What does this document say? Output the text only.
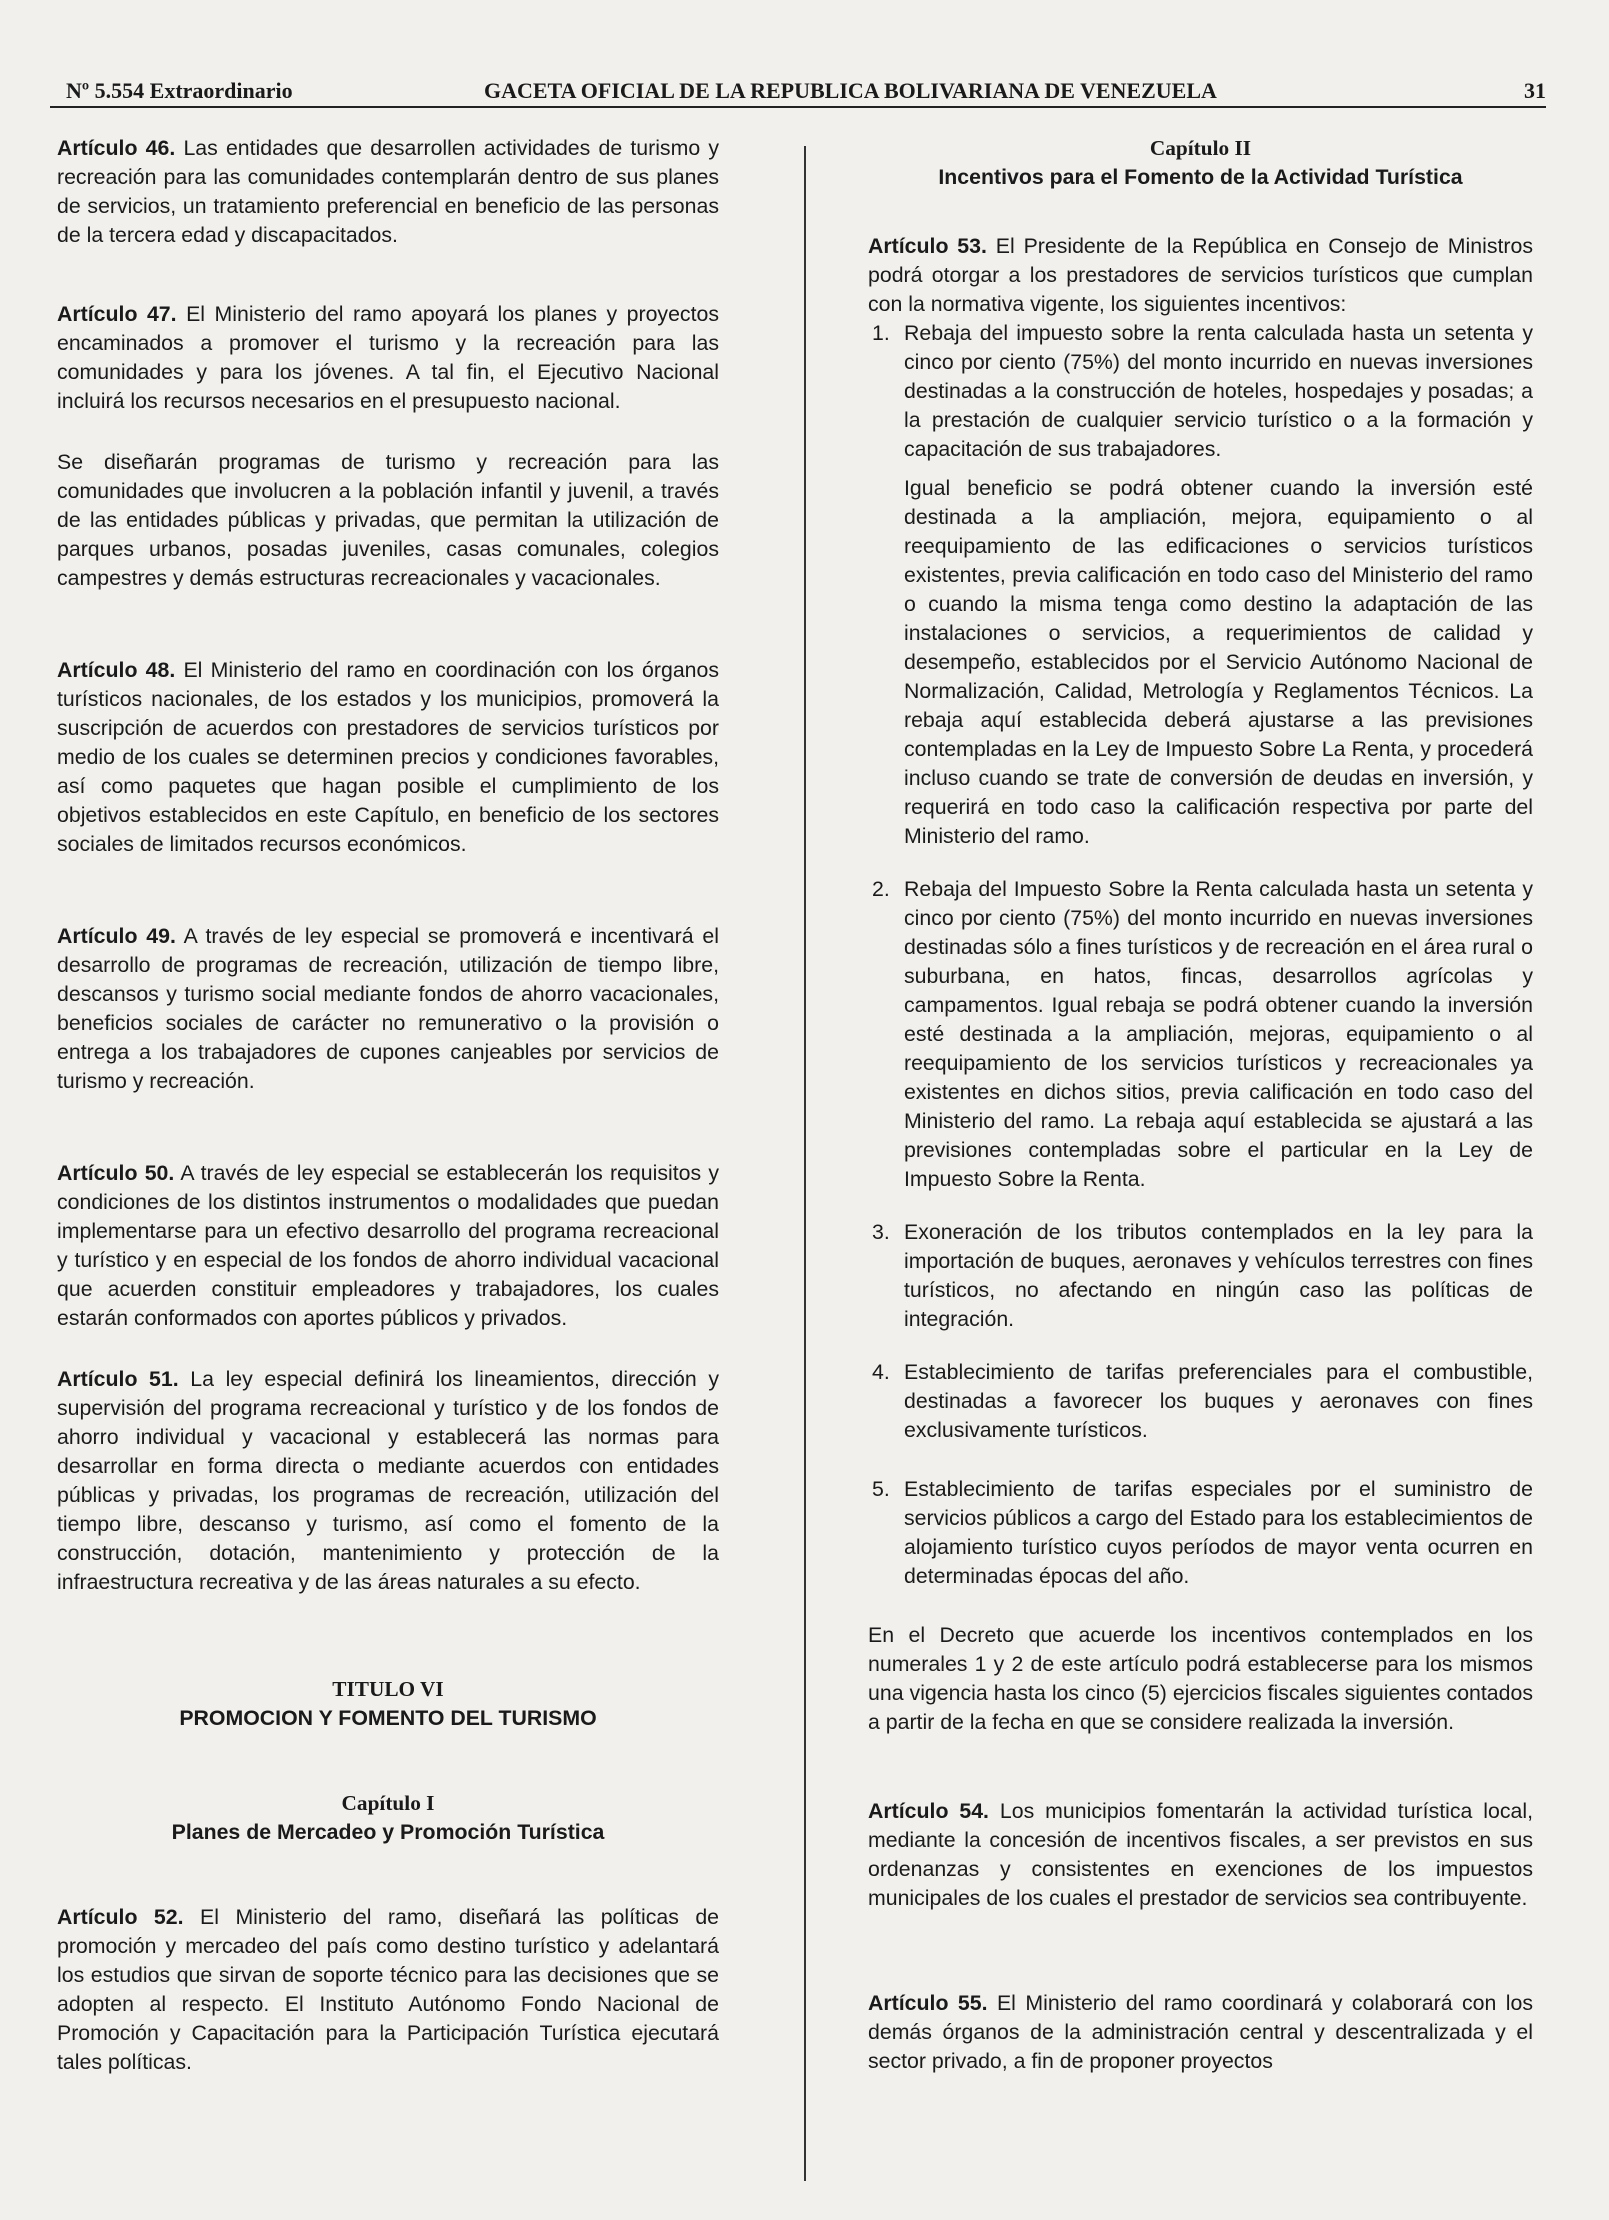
Nº 5.554 Extraordinario	GACETA OFICIAL DE LA REPUBLICA BOLIVARIANA DE VENEZUELA	31

Artículo 46. Las entidades que desarrollen actividades de turismo y recreación para las comunidades contemplarán dentro de sus planes de servicios, un tratamiento preferencial en beneficio de las personas de la tercera edad y discapacitados.

Artículo 47. El Ministerio del ramo apoyará los planes y proyectos encaminados a promover el turismo y la recreación para las comunidades y para los jóvenes. A tal fin, el Ejecutivo Nacional incluirá los recursos necesarios en el presupuesto nacional.

Se diseñarán programas de turismo y recreación para las comunidades que involucren a la población infantil y juvenil, a través de las entidades públicas y privadas, que permitan la utilización de parques urbanos, posadas juveniles, casas comunales, colegios campestres y demás estructuras recreacionales y vacacionales.

Artículo 48. El Ministerio del ramo en coordinación con los órganos turísticos nacionales, de los estados y los municipios, promoverá la suscripción de acuerdos con prestadores de servicios turísticos por medio de los cuales se determinen precios y condiciones favorables, así como paquetes que hagan posible el cumplimiento de los objetivos establecidos en este Capítulo, en beneficio de los sectores sociales de limitados recursos económicos.

Artículo 49. A través de ley especial se promoverá e incentivará el desarrollo de programas de recreación, utilización de tiempo libre, descansos y turismo social mediante fondos de ahorro vacacionales, beneficios sociales de carácter no remunerativo o la provisión o entrega a los trabajadores de cupones canjeables por servicios de turismo y recreación.

Artículo 50. A través de ley especial se establecerán los requisitos y condiciones de los distintos instrumentos o modalidades que puedan implementarse para un efectivo desarrollo del programa recreacional y turístico y en especial de los fondos de ahorro individual vacacional que acuerden constituir empleadores y trabajadores, los cuales estarán conformados con aportes públicos y privados.

Artículo 51. La ley especial definirá los lineamientos, dirección y supervisión del programa recreacional y turístico y de los fondos de ahorro individual y vacacional y establecerá las normas para desarrollar en forma directa o mediante acuerdos con entidades públicas y privadas, los programas de recreación, utilización del tiempo libre, descanso y turismo, así como el fomento de la construcción, dotación, mantenimiento y protección de la infraestructura recreativa y de las áreas naturales a su efecto.

TITULO VI
PROMOCION Y FOMENTO DEL TURISMO
Capítulo I
Planes de Mercadeo y Promoción Turística

Artículo 52. El Ministerio del ramo, diseñará las políticas de promoción y mercadeo del país como destino turístico y adelantará los estudios que sirvan de soporte técnico para las decisiones que se adopten al respecto. El Instituto Autónomo Fondo Nacional de Promoción y Capacitación para la Participación Turística ejecutará tales políticas.

Capítulo II
Incentivos para el Fomento de la Actividad Turística

Artículo 53. El Presidente de la República en Consejo de Ministros podrá otorgar a los prestadores de servicios turísticos que cumplan con la normativa vigente, los siguientes incentivos:

1. Rebaja del impuesto sobre la renta calculada hasta un setenta y cinco por ciento (75%) del monto incurrido en nuevas inversiones destinadas a la construcción de hoteles, hospedajes y posadas; a la prestación de cualquier servicio turístico o a la formación y capacitación de sus trabajadores.

Igual beneficio se podrá obtener cuando la inversión esté destinada a la ampliación, mejora, equipamiento o al reequipamiento de las edificaciones o servicios turísticos existentes, previa calificación en todo caso del Ministerio del ramo o cuando la misma tenga como destino la adaptación de las instalaciones o servicios, a requerimientos de calidad y desempeño, establecidos por el Servicio Autónomo Nacional de Normalización, Calidad, Metrología y Reglamentos Técnicos. La rebaja aquí establecida deberá ajustarse a las previsiones contempladas en la Ley de Impuesto Sobre La Renta, y procederá incluso cuando se trate de conversión de deudas en inversión, y requerirá en todo caso la calificación respectiva por parte del Ministerio del ramo.

2. Rebaja del Impuesto Sobre la Renta calculada hasta un setenta y cinco por ciento (75%) del monto incurrido en nuevas inversiones destinadas sólo a fines turísticos y de recreación en el área rural o suburbana, en hatos, fincas, desarrollos agrícolas y campamentos. Igual rebaja se podrá obtener cuando la inversión esté destinada a la ampliación, mejoras, equipamiento o al reequipamiento de los servicios turísticos y recreacionales ya existentes en dichos sitios, previa calificación en todo caso del Ministerio del ramo. La rebaja aquí establecida se ajustará a las previsiones contempladas sobre el particular en la Ley de Impuesto Sobre la Renta.

3. Exoneración de los tributos contemplados en la ley para la importación de buques, aeronaves y vehículos terrestres con fines turísticos, no afectando en ningún caso las políticas de integración.

4. Establecimiento de tarifas preferenciales para el combustible, destinadas a favorecer los buques y aeronaves con fines exclusivamente turísticos.

5. Establecimiento de tarifas especiales por el suministro de servicios públicos a cargo del Estado para los establecimientos de alojamiento turístico cuyos períodos de mayor venta ocurren en determinadas épocas del año.

En el Decreto que acuerde los incentivos contemplados en los numerales 1 y 2 de este artículo podrá establecerse para los mismos una vigencia hasta los cinco (5) ejercicios fiscales siguientes contados a partir de la fecha en que se considere realizada la inversión.

Artículo 54. Los municipios fomentarán la actividad turística local, mediante la concesión de incentivos fiscales, a ser previstos en sus ordenanzas y consistentes en exenciones de los impuestos municipales de los cuales el prestador de servicios sea contribuyente.

Artículo 55. El Ministerio del ramo coordinará y colaborará con los demás órganos de la administración central y descentralizada y el sector privado, a fin de proponer proyectos
